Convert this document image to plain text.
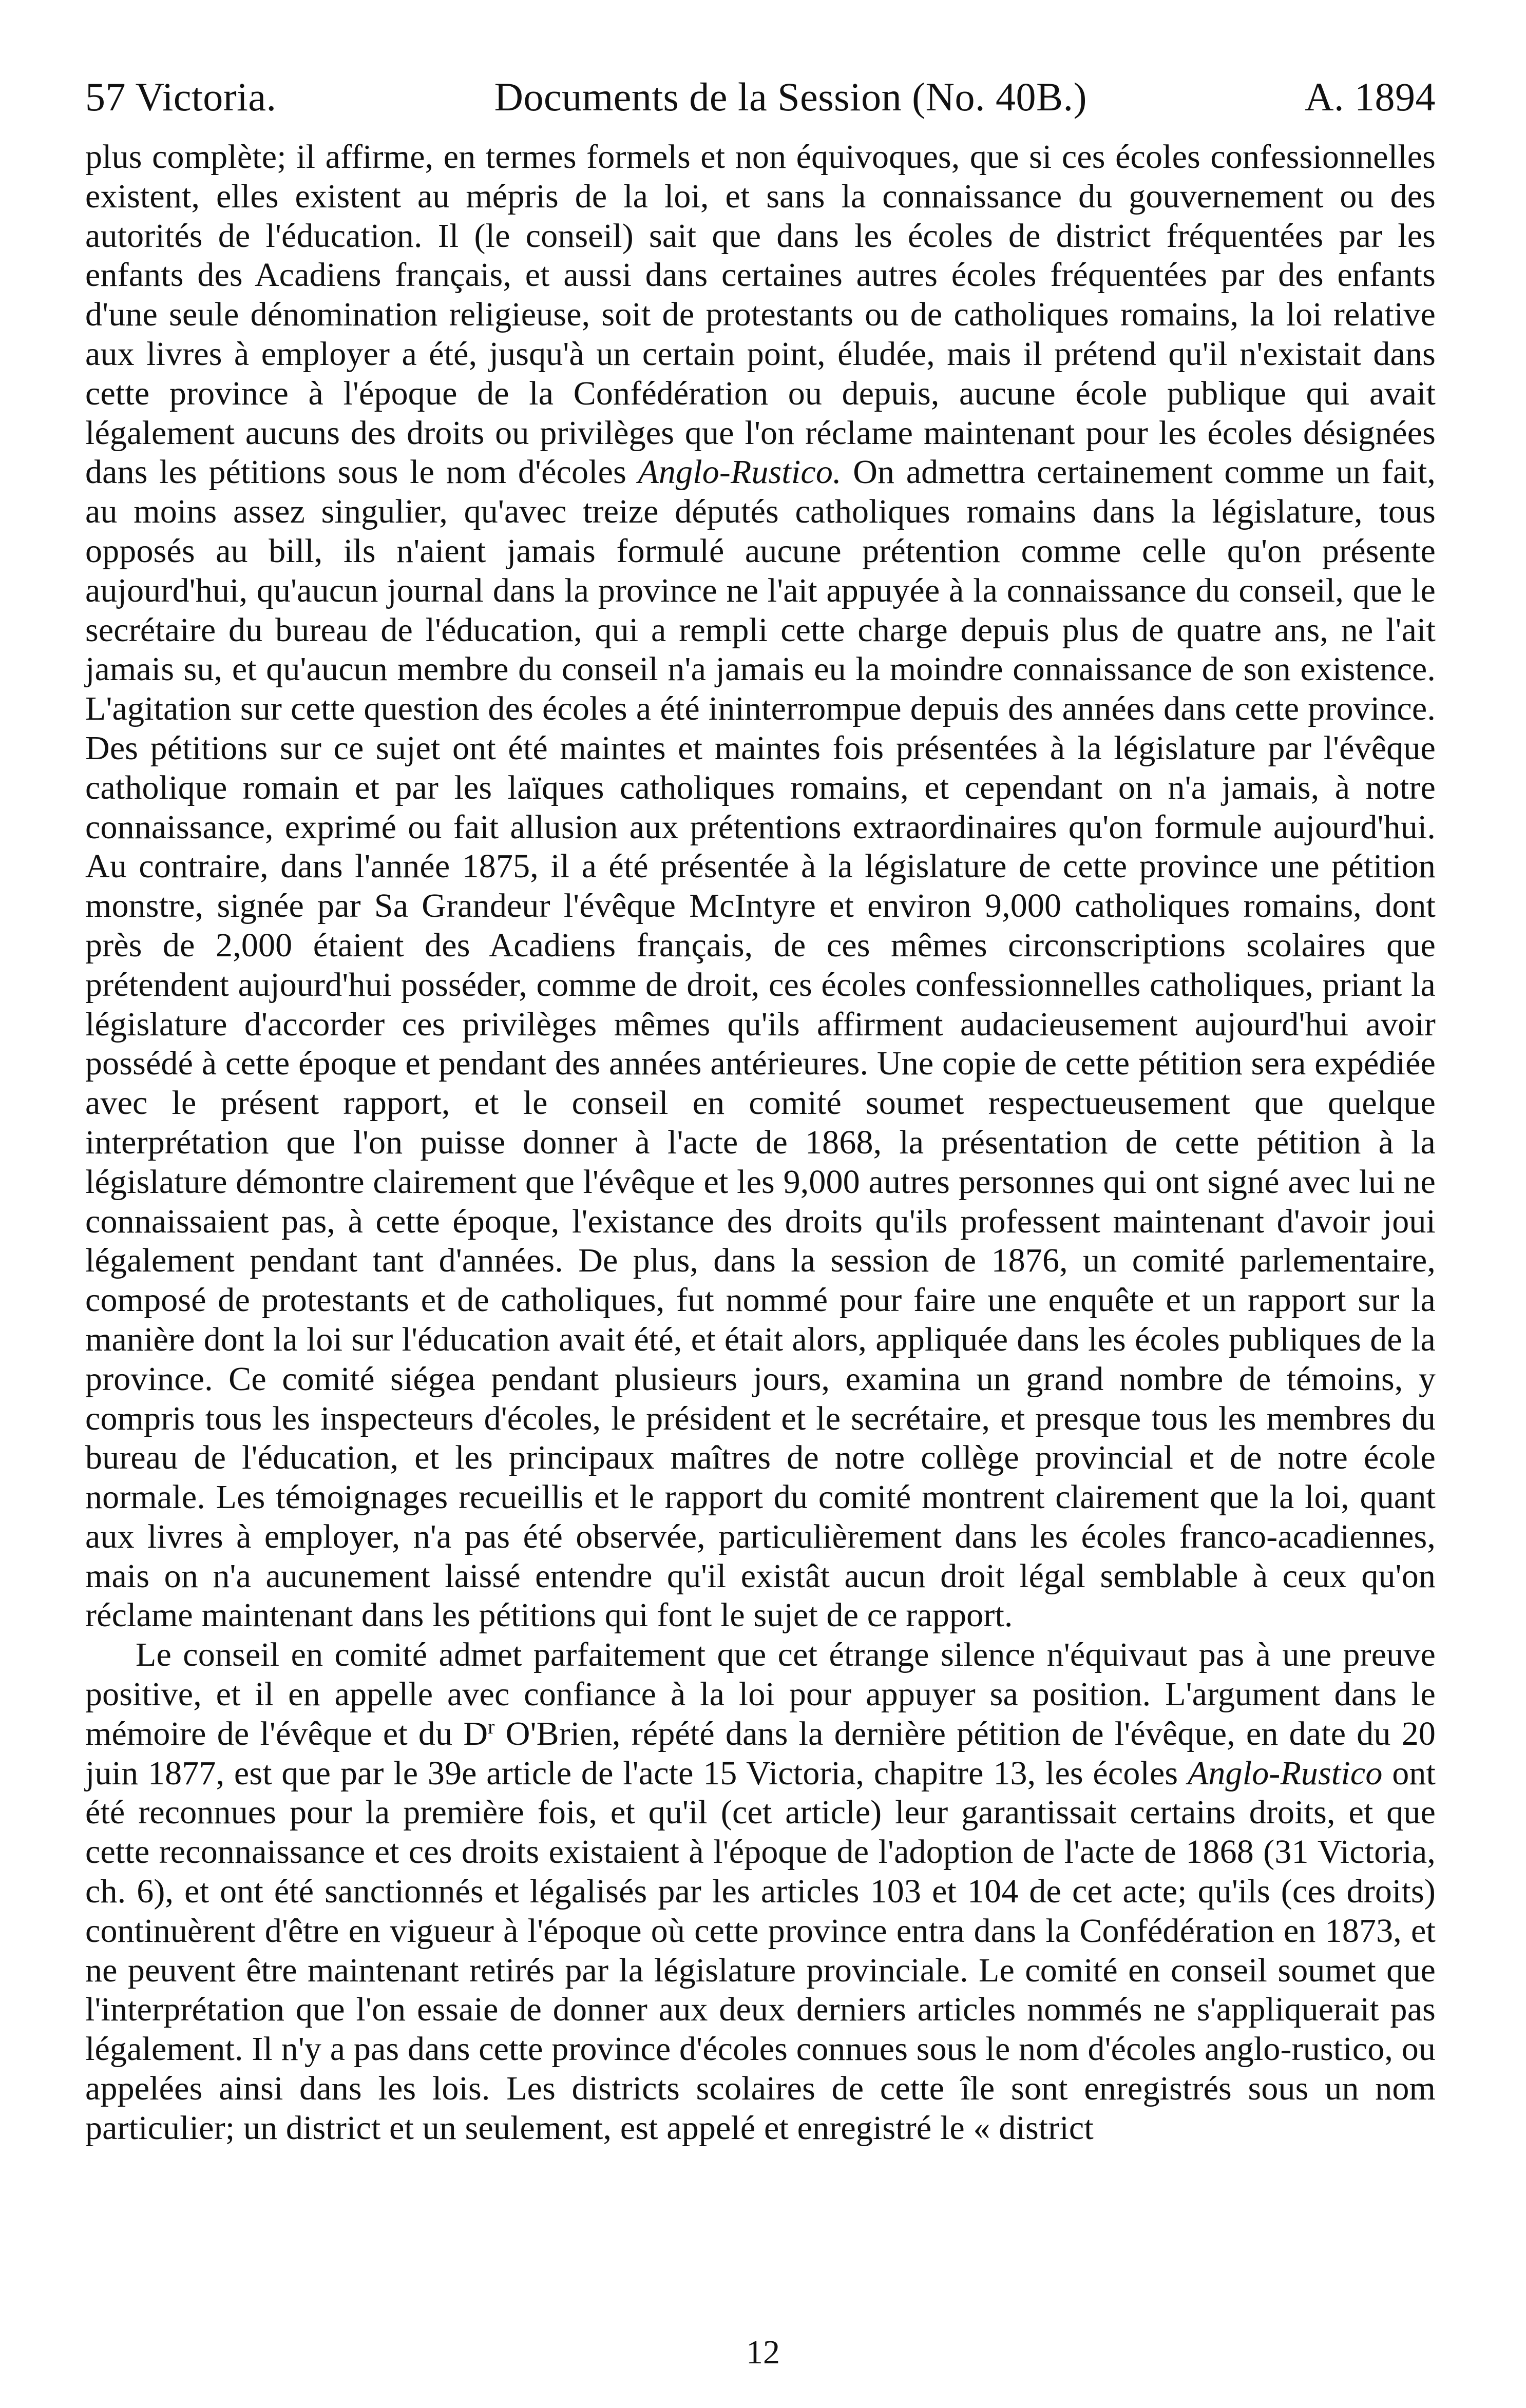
57 Victoria.	Documents de la Session (No. 40B.)	A. 1894

plus complète; il affirme, en termes formels et non équivoques, que si ces écoles confessionnelles existent, elles existent au mépris de la loi, et sans la connaissance du gouvernement ou des autorités de l'éducation. Il (le conseil) sait que dans les écoles de district fréquentées par les enfants des Acadiens français, et aussi dans certaines autres écoles fréquentées par des enfants d'une seule dénomination religieuse, soit de protestants ou de catholiques romains, la loi relative aux livres à employer a été, jusqu'à un certain point, éludée, mais il prétend qu'il n'existait dans cette province à l'époque de la Confédération ou depuis, aucune école publique qui avait légalement aucuns des droits ou privilèges que l'on réclame maintenant pour les écoles désignées dans les pétitions sous le nom d'écoles Anglo-Rustico. On admettra certainement comme un fait, au moins assez singulier, qu'avec treize députés catholiques romains dans la législature, tous opposés au bill, ils n'aient jamais formulé aucune prétention comme celle qu'on présente aujourd'hui, qu'aucun journal dans la province ne l'ait appuyée à la connaissance du conseil, que le secrétaire du bureau de l'éducation, qui a rempli cette charge depuis plus de quatre ans, ne l'ait jamais su, et qu'aucun membre du conseil n'a jamais eu la moindre connaissance de son existence. L'agitation sur cette question des écoles a été ininterrompue depuis des années dans cette province. Des pétitions sur ce sujet ont été maintes et maintes fois présentées à la législature par l'évêque catholique romain et par les laïques catholiques romains, et cependant on n'a jamais, à notre connaissance, exprimé ou fait allusion aux prétentions extraordinaires qu'on formule aujourd'hui. Au contraire, dans l'année 1875, il a été présentée à la législature de cette province une pétition monstre, signée par Sa Grandeur l'évêque McIntyre et environ 9,000 catholiques romains, dont près de 2,000 étaient des Acadiens français, de ces mêmes circonscriptions scolaires que prétendent aujourd'hui posséder, comme de droit, ces écoles confessionnelles catholiques, priant la législature d'accorder ces privilèges mêmes qu'ils affirment audacieusement aujourd'hui avoir possédé à cette époque et pendant des années antérieures. Une copie de cette pétition sera expédiée avec le présent rapport, et le conseil en comité soumet respectueusement que quelque interprétation que l'on puisse donner à l'acte de 1868, la présentation de cette pétition à la législature démontre clairement que l'évêque et les 9,000 autres personnes qui ont signé avec lui ne connaissaient pas, à cette époque, l'existance des droits qu'ils professent maintenant d'avoir joui légalement pendant tant d'années. De plus, dans la session de 1876, un comité parlementaire, composé de protestants et de catholiques, fut nommé pour faire une enquête et un rapport sur la manière dont la loi sur l'éducation avait été, et était alors, appliquée dans les écoles publiques de la province. Ce comité siégea pendant plusieurs jours, examina un grand nombre de témoins, y compris tous les inspecteurs d'écoles, le président et le secrétaire, et presque tous les membres du bureau de l'éducation, et les principaux maîtres de notre collège provincial et de notre école normale. Les témoignages recueillis et le rapport du comité montrent clairement que la loi, quant aux livres à employer, n'a pas été observée, particulièrement dans les écoles franco-acadiennes, mais on n'a aucunement laissé entendre qu'il existât aucun droit légal semblable à ceux qu'on réclame maintenant dans les pétitions qui font le sujet de ce rapport.

Le conseil en comité admet parfaitement que cet étrange silence n'équivaut pas à une preuve positive, et il en appelle avec confiance à la loi pour appuyer sa position. L'argument dans le mémoire de l'évêque et du $D^r$ O'Brien, répété dans la dernière pétition de l'évêque, en date du 20 juin 1877, est que par le 39e article de l'acte 15 Victoria, chapitre 13, les écoles Anglo-Rustico ont été reconnues pour la première fois, et qu'il (cet article) leur garantissait certains droits, et que cette reconnaissance et ces droits existaient à l'époque de l'adoption de l'acte de 1868 (31 Victoria, ch. 6), et ont été sanctionnés et légalisés par les articles 103 et 104 de cet acte; qu'ils (ces droits) continuèrent d'être en vigueur à l'époque où cette province entra dans la Confédération en 1873, et ne peuvent être maintenant retirés par la législature provinciale. Le comité en conseil soumet que l'interprétation que l'on essaie de donner aux deux derniers articles nommés ne s'appliquerait pas légalement. Il n'y a pas dans cette province d'écoles connues sous le nom d'écoles anglo-rustico, ou appelées ainsi dans les lois. Les districts scolaires de cette île sont enregistrés sous un nom particulier; un district et un seulement, est appelé et enregistré le « district

12
